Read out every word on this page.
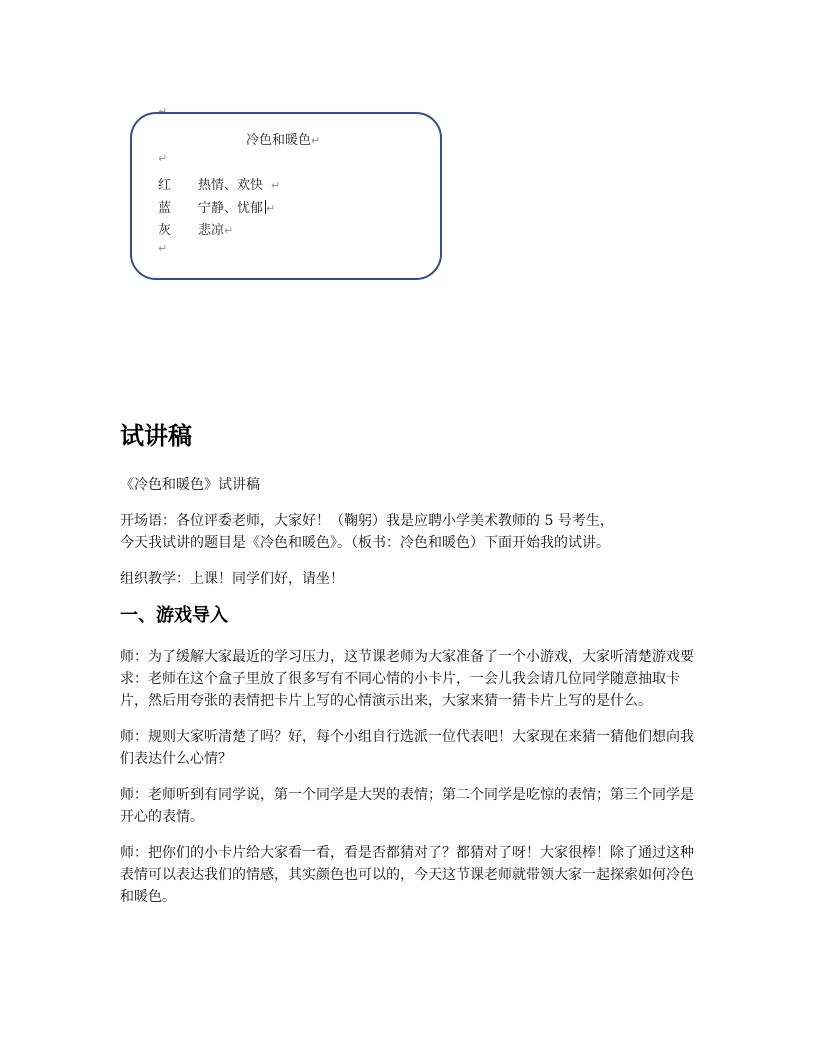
冷色和暖色↵
↵
红 热情、欢快 ↵
蓝 宁静、忧郁 ↵
灰 悲凉↵
↵
试讲稿

《冷色和暖色》试讲稿

开场语：各位评委老师，大家好！（鞠躬）我是应聘小学美术教师的 5 号考生，
今天我试讲的题目是《冷色和暖色》。（板书：冷色和暖色）下面开始我的试讲。

组织教学：上课！同学们好，请坐！

一、游戏导入

师：为了缓解大家最近的学习压力，这节课老师为大家准备了一个小游戏，大家听清楚游戏要求：老师在这个盒子里放了很多写有不同心情的小卡片，一会儿我会请几位同学随意抽取卡片，然后用夸张的表情把卡片上写的心情演示出来，大家来猜一猜卡片上写的是什么。

师：规则大家听清楚了吗？好，每个小组自行选派一位代表吧！大家现在来猜一猜他们想向我们表达什么心情？

师：老师听到有同学说，第一个同学是大哭的表情；第二个同学是吃惊的表情；第三个同学是开心的表情。

师：把你们的小卡片给大家看一看，看是否都猜对了？都猜对了呀！大家很棒！除了通过这种表情可以表达我们的情感，其实颜色也可以的，今天这节课老师就带领大家一起探索如何冷色和暖色。
